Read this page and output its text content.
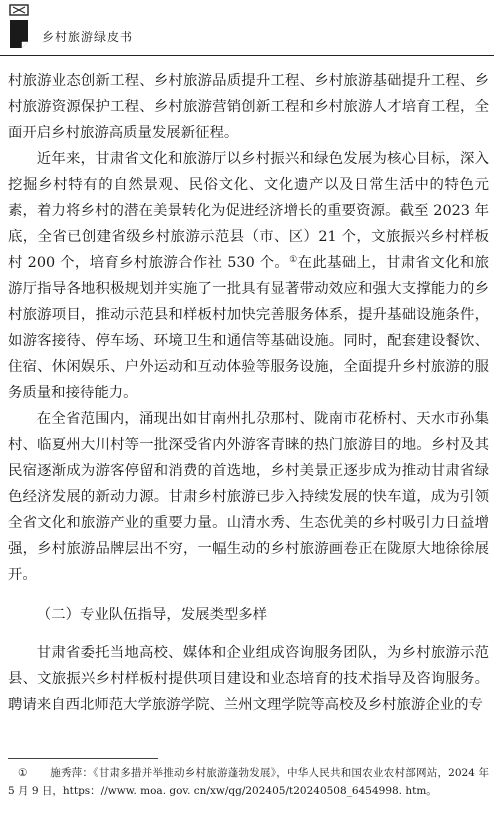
乡村旅游绿皮书

村旅游业态创新工程、乡村旅游品质提升工程、乡村旅游基础提升工程、乡村旅游资源保护工程、乡村旅游营销创新工程和乡村旅游人才培育工程，全面开启乡村旅游高质量发展新征程。

近年来，甘肃省文化和旅游厅以乡村振兴和绿色发展为核心目标，深入挖掘乡村特有的自然景观、民俗文化、文化遗产以及日常生活中的特色元素，着力将乡村的潜在美景转化为促进经济增长的重要资源。截至 2023 年底，全省已创建省级乡村旅游示范县（市、区）21 个，文旅振兴乡村样板村 200 个，培育乡村旅游合作社 530 个。①在此基础上，甘肃省文化和旅游厅指导各地积极规划并实施了一批具有显著带动效应和强大支撑能力的乡村旅游项目，推动示范县和样板村加快完善服务体系，提升基础设施条件，如游客接待、停车场、环境卫生和通信等基础设施。同时，配套建设餐饮、住宿、休闲娱乐、户外运动和互动体验等服务设施，全面提升乡村旅游的服务质量和接待能力。

在全省范围内，涌现出如甘南州扎尕那村、陇南市花桥村、天水市孙集村、临夏州大川村等一批深受省内外游客青睐的热门旅游目的地。乡村及其民宿逐渐成为游客停留和消费的首选地，乡村美景正逐步成为推动甘肃省绿色经济发展的新动力源。甘肃乡村旅游已步入持续发展的快车道，成为引领全省文化和旅游产业的重要力量。山清水秀、生态优美的乡村吸引力日益增强，乡村旅游品牌层出不穷，一幅生动的乡村旅游画卷正在陇原大地徐徐展开。

（二）专业队伍指导，发展类型多样

甘肃省委托当地高校、媒体和企业组成咨询服务团队，为乡村旅游示范县、文旅振兴乡村样板村提供项目建设和业态培育的技术指导及咨询服务。聘请来自西北师范大学旅游学院、兰州文理学院等高校及乡村旅游企业的专

① 施秀萍：《甘肃多措并举推动乡村旅游蓬勃发展》，中华人民共和国农业农村部网站，2024 年 5 月 9 日，https：//www. moa. gov. cn/xw/qg/202405/t20240508_6454998. htm。
